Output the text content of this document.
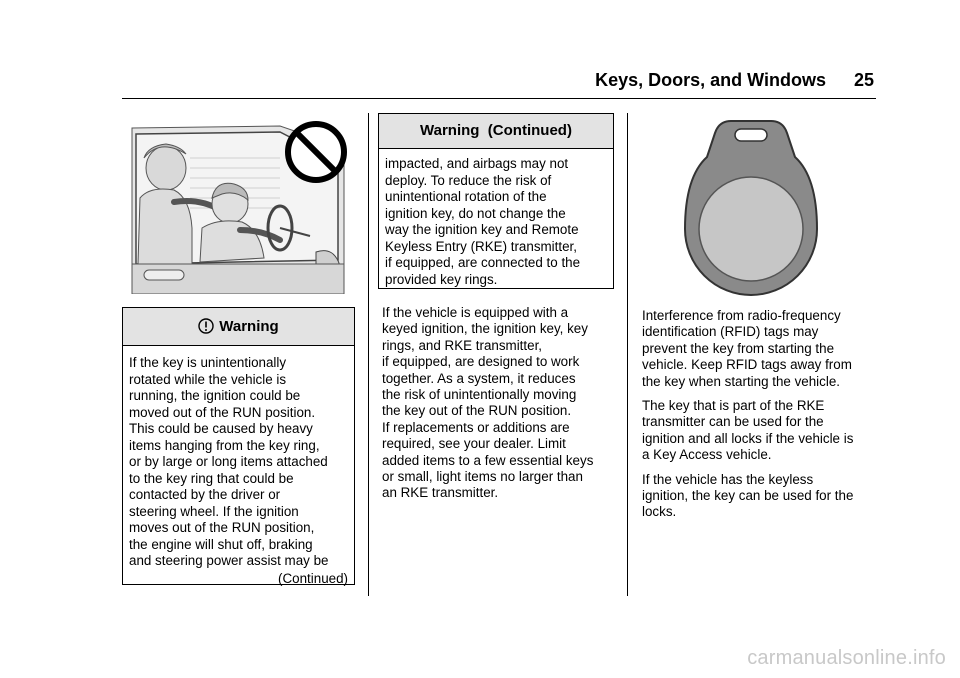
Keys, Doors, and Windows 25
Warning
If the key is unintentionally
rotated while the vehicle is
running, the ignition could be
moved out of the RUN position.
This could be caused by heavy
items hanging from the key ring,
or by large or long items attached
to the key ring that could be
contacted by the driver or
steering wheel. If the ignition
moves out of the RUN position,
the engine will shut off, braking
and steering power assist may be
(Continued)
Warning  (Continued)
impacted, and airbags may not
deploy. To reduce the risk of
unintentional rotation of the
ignition key, do not change the
way the ignition key and Remote
Keyless Entry (RKE) transmitter,
if equipped, are connected to the
provided key rings.
If the vehicle is equipped with a
keyed ignition, the ignition key, key
rings, and RKE transmitter,
if equipped, are designed to work
together. As a system, it reduces
the risk of unintentionally moving
the key out of the RUN position.
If replacements or additions are
required, see your dealer. Limit
added items to a few essential keys
or small, light items no larger than
an RKE transmitter.

Interference from radio-frequency
identification (RFID) tags may
prevent the key from starting the
vehicle. Keep RFID tags away from
the key when starting the vehicle.

The key that is part of the RKE
transmitter can be used for the
ignition and all locks if the vehicle is
a Key Access vehicle.

If the vehicle has the keyless
ignition, the key can be used for the
locks.

carmanualsonline.info
